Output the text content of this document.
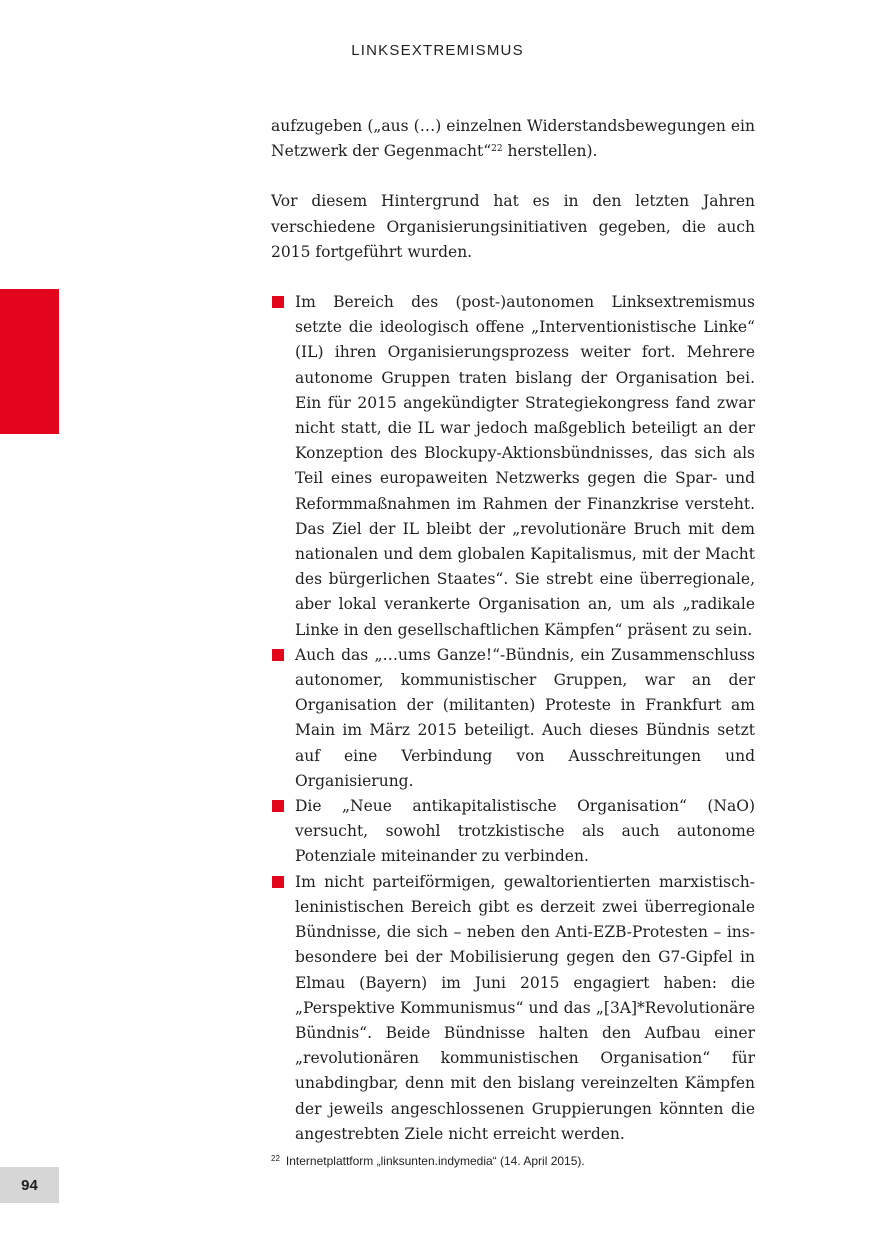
LINKSEXTREMISMUS

aufzugeben („aus (…) einzelnen Widerstandsbewegungen ein Netzwerk der Gegenmacht“$^{22}$ herstellen).

Vor diesem Hintergrund hat es in den letzten Jahren verschiedene Organisierungsinitiativen gegeben, die auch 2015 fortgeführt wurden.

Im Bereich des (post-)autonomen Linksextremismus setzte die ideologisch offene „Interventionistische Linke“ (IL) ihren Organisierungsprozess weiter fort. Mehrere autonome Gruppen traten bislang der Organisation bei. Ein für 2015 angekündigter Strategiekongress fand zwar nicht statt, die IL war jedoch maßgeblich beteiligt an der Konzeption des Blockupy-Aktionsbündnisses, das sich als Teil eines europaweiten Netzwerks gegen die Spar- und Reformmaßnahmen im Rahmen der Finanzkrise versteht. Das Ziel der IL bleibt der „revolutionäre Bruch mit dem nationalen und dem globalen Kapitalismus, mit der Macht des bürgerlichen Staates“. Sie strebt eine überregionale, aber lokal verankerte Organisation an, um als „radikale Linke in den gesellschaftlichen Kämpfen“ präsent zu sein.
Auch das „…ums Ganze!“-Bündnis, ein Zusammenschluss autonomer, kommunistischer Gruppen, war an der Organisation der (militanten) Proteste in Frankfurt am Main im März 2015 beteiligt. Auch dieses Bündnis setzt auf eine Verbindung von Ausschreitungen und Organisierung.
Die „Neue antikapitalistische Organisation“ (NaO) versucht, sowohl trotzkistische als auch autonome Potenziale miteinander zu verbinden.
Im nicht parteiförmigen, gewaltorientierten marxistisch-leninistischen Bereich gibt es derzeit zwei überregionale Bündnisse, die sich – neben den Anti-EZB-Protesten – insbesondere bei der Mobilisierung gegen den G7-Gipfel in Elmau (Bayern) im Juni 2015 engagiert haben: die „Perspektive Kommunismus“ und das „[3A]*Revolutionäre Bündnis“. Beide Bündnisse halten den Aufbau einer „revolutionären kommunistischen Organisation“ für unabdingbar, denn mit den bislang vereinzelten Kämpfen der jeweils angeschlossenen Gruppierungen könnten die angestrebten Ziele nicht erreicht werden.
$^{22}$ Internetplattform „linksunten.indymedia“ (14. April 2015).
94
